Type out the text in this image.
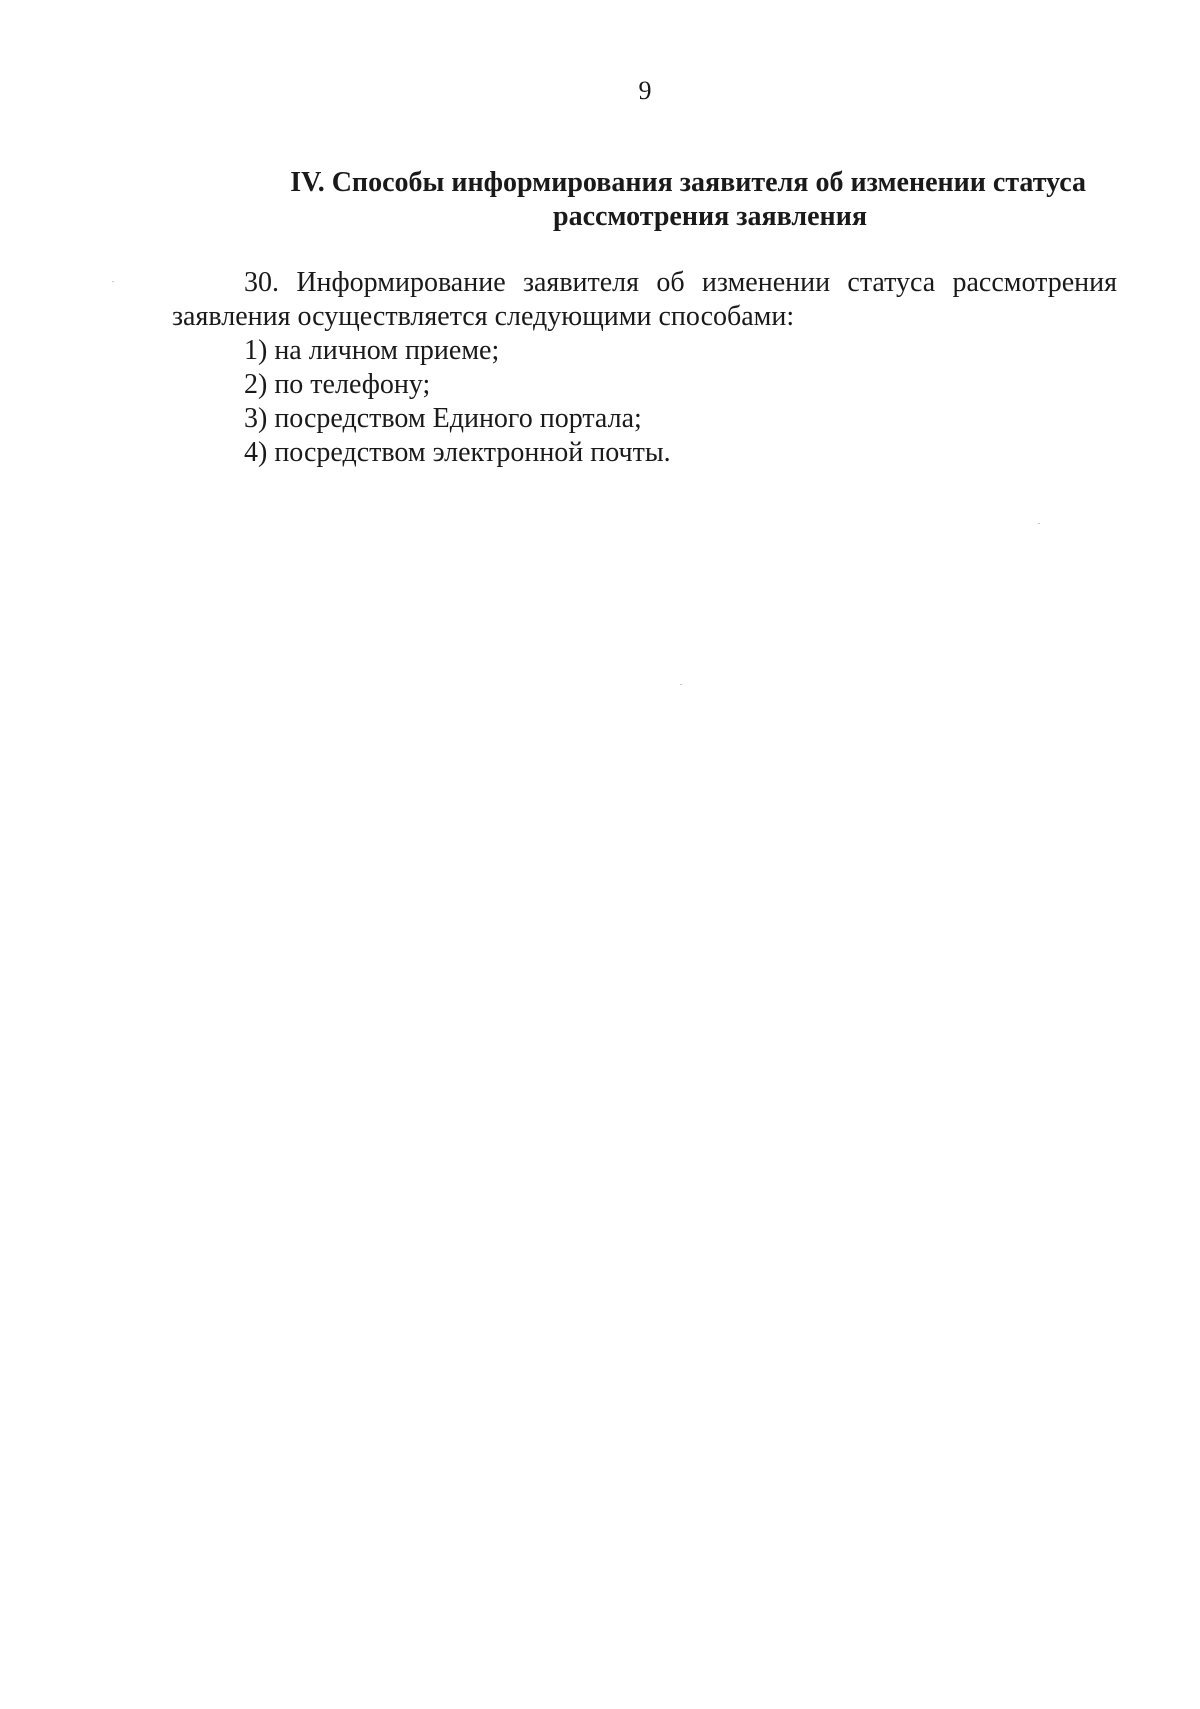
9
IV. Способы информирования заявителя об изменении статуса
рассмотрения заявления
30. Информирование заявителя об изменении статуса рассмотрения
заявления осуществляется следующими способами:
1) на личном приеме;
2) по телефону;
3) посредством Единого портала;
4) посредством электронной почты.
